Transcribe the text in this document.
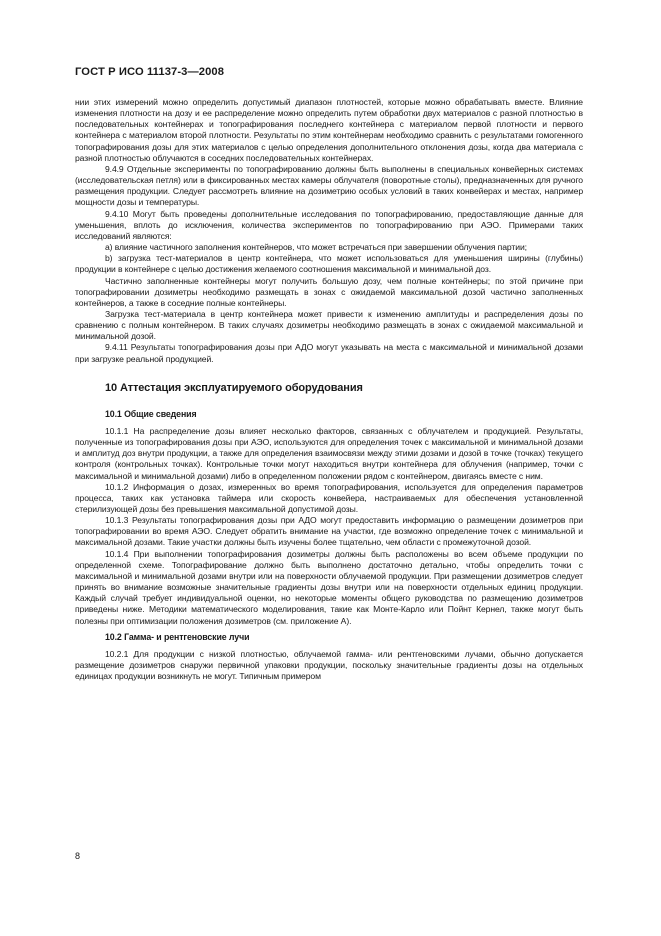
ГОСТ Р ИСО 11137-3—2008

нии этих измерений можно определить допустимый диапазон плотностей, которые можно обрабатывать вместе. Влияние изменения плотности на дозу и ее распределение можно определить путем обработки двух материалов с разной плотностью в последовательных контейнерах и топографирования последнего контейнера с материалом первой плотности и первого контейнера с материалом второй плотности. Результаты по этим контейнерам необходимо сравнить с результатами гомогенного топографирования дозы для этих материалов с целью определения дополнительного отклонения дозы, когда два материала с разной плотностью облучаются в соседних последовательных контейнерах.

9.4.9 Отдельные эксперименты по топографированию должны быть выполнены в специальных конвейерных системах (исследовательская петля) или в фиксированных местах камеры облучателя (поворотные столы), предназначенных для ручного размещения продукции. Следует рассмотреть влияние на дозиметрию особых условий в таких конвейерах и местах, например мощности дозы и температуры.

9.4.10 Могут быть проведены дополнительные исследования по топографированию, предоставляющие данные для уменьшения, вплоть до исключения, количества экспериментов по топографированию при АЭО. Примерами таких исследований являются:

a) влияние частичного заполнения контейнеров, что может встречаться при завершении облучения партии;

b) загрузка тест-материалов в центр контейнера, что может использоваться для уменьшения ширины (глубины) продукции в контейнере с целью достижения желаемого соотношения максимальной и минимальной доз.

Частично заполненные контейнеры могут получить большую дозу, чем полные контейнеры; по этой причине при топографировании дозиметры необходимо размещать в зонах с ожидаемой максимальной дозой частично заполненных контейнеров, а также в соседние полные контейнеры.

Загрузка тест-материала в центр контейнера может привести к изменению амплитуды и распределения дозы по сравнению с полным контейнером. В таких случаях дозиметры необходимо размещать в зонах с ожидаемой максимальной и минимальной дозой.

9.4.11 Результаты топографирования дозы при АДО могут указывать на места с максимальной и минимальной дозами при загрузке реальной продукцией.

10 Аттестация эксплуатируемого оборудования

10.1 Общие сведения

10.1.1 На распределение дозы влияет несколько факторов, связанных с облучателем и продукцией. Результаты, полученные из топографирования дозы при АЭО, используются для определения точек с максимальной и минимальной дозами и амплитуд доз внутри продукции, а также для определения взаимосвязи между этими дозами и дозой в точке (точках) текущего контроля (контрольных точках). Контрольные точки могут находиться внутри контейнера для облучения (например, точки с максимальной и минимальной дозами) либо в определенном положении рядом с контейнером, двигаясь вместе с ним.

10.1.2 Информация о дозах, измеренных во время топографирования, используется для определения параметров процесса, таких как установка таймера или скорость конвейера, настраиваемых для обеспечения установленной стерилизующей дозы без превышения максимальной допустимой дозы.

10.1.3 Результаты топографирования дозы при АДО могут предоставить информацию о размещении дозиметров при топографировании во время АЭО. Следует обратить внимание на участки, где возможно определение точек с минимальной и максимальной дозами. Такие участки должны быть изучены более тщательно, чем области с промежуточной дозой.

10.1.4 При выполнении топографирования дозиметры должны быть расположены во всем объеме продукции по определенной схеме. Топографирование должно быть выполнено достаточно детально, чтобы определить точки с максимальной и минимальной дозами внутри или на поверхности облучаемой продукции. При размещении дозиметров следует принять во внимание возможные значительные градиенты дозы внутри или на поверхности отдельных единиц продукции. Каждый случай требует индивидуальной оценки, но некоторые моменты общего руководства по размещению дозиметров приведены ниже. Методики математического моделирования, такие как Монте-Карло или Пойнт Кернел, также могут быть полезны при оптимизации положения дозиметров (см. приложение А).

10.2 Гамма- и рентгеновские лучи

10.2.1 Для продукции с низкой плотностью, облучаемой гамма- или рентгеновскими лучами, обычно допускается размещение дозиметров снаружи первичной упаковки продукции, поскольку значительные градиенты дозы на отдельных единицах продукции возникнуть не могут. Типичным примером

8
